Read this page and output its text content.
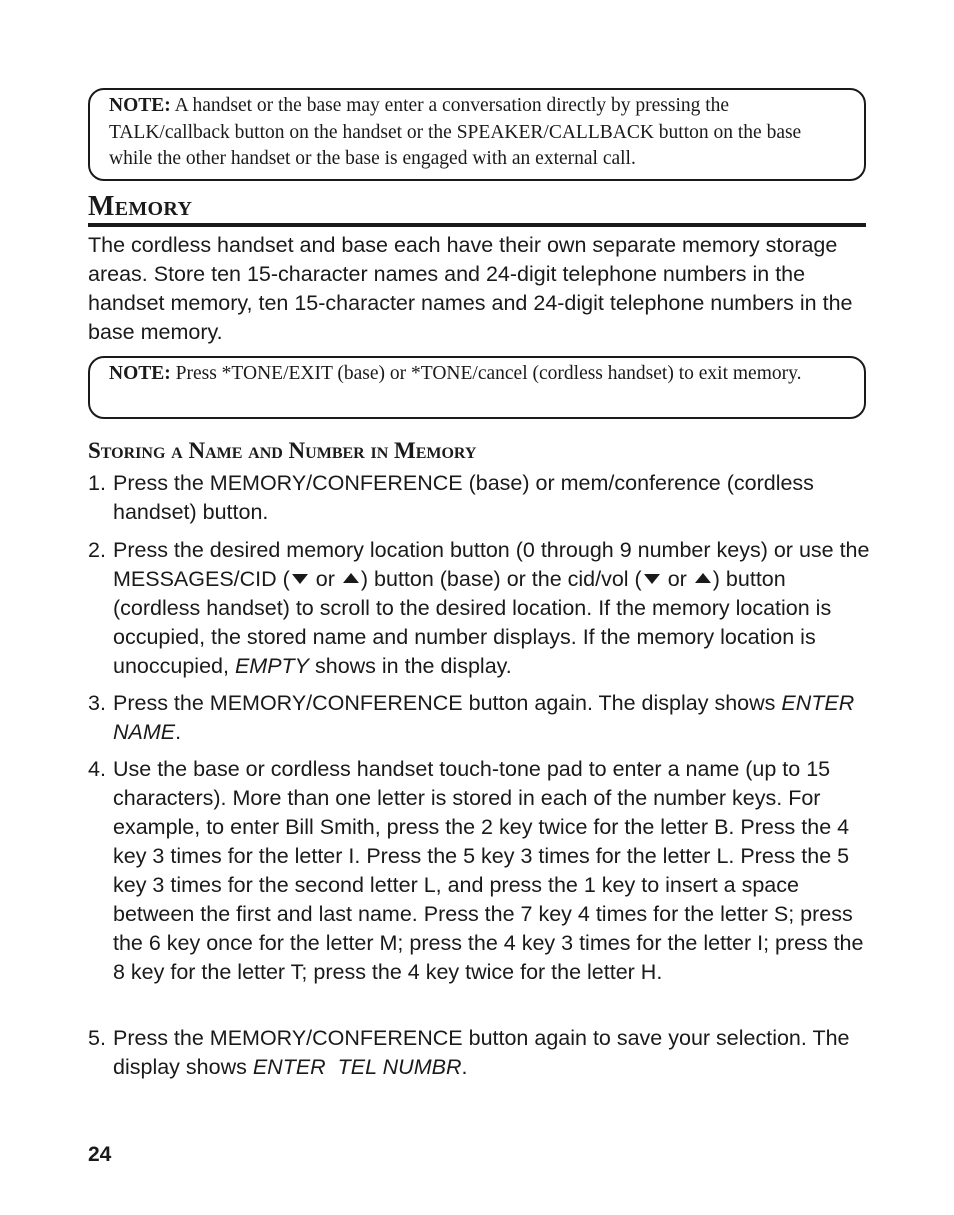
NOTE: A handset or the base may enter a conversation directly by pressing the TALK/callback button on the handset or the SPEAKER/CALLBACK button on the base while the other handset or the base is engaged with an external call.
Memory
The cordless handset and base each have their own separate memory storage areas. Store ten 15-character names and 24-digit telephone numbers in the handset memory, ten 15-character names and 24-digit telephone numbers in the base memory.
NOTE: Press *TONE/EXIT (base) or *TONE/cancel (cordless handset) to exit memory.
Storing a Name and Number in Memory
1. Press the MEMORY/CONFERENCE (base) or mem/conference (cordless handset) button.
2. Press the desired memory location button (0 through 9 number keys) or use the MESSAGES/CID ( or ) button (base) or the cid/vol ( or ) button (cordless handset) to scroll to the desired location. If the memory location is occupied, the stored name and number displays. If the memory location is unoccupied, EMPTY shows in the display.
3. Press the MEMORY/CONFERENCE button again. The display shows ENTER NAME.
4. Use the base or cordless handset touch-tone pad to enter a name (up to 15 characters). More than one letter is stored in each of the number keys. For example, to enter Bill Smith, press the 2 key twice for the letter B. Press the 4 key 3 times for the letter I. Press the 5 key 3 times for the letter L. Press the 5 key 3 times for the second letter L, and press the 1 key to insert a space between the first and last name. Press the 7 key 4 times for the letter S; press the 6 key once for the letter M; press the 4 key 3 times for the letter I; press the 8 key for the letter T; press the 4 key twice for the letter H.
5. Press the MEMORY/CONFERENCE button again to save your selection. The display shows ENTER  TEL NUMBR.
24
